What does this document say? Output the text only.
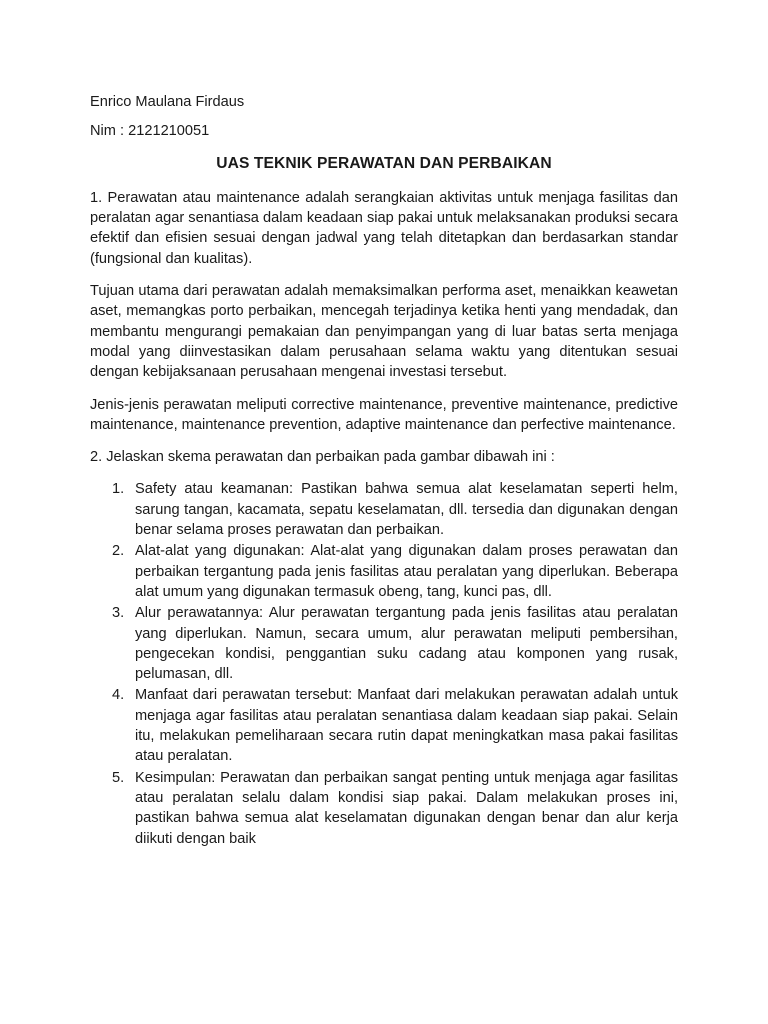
Enrico Maulana Firdaus

Nim : 2121210051

UAS TEKNIK PERAWATAN DAN PERBAIKAN

1. Perawatan atau maintenance adalah serangkaian aktivitas untuk menjaga fasilitas dan peralatan agar senantiasa dalam keadaan siap pakai untuk melaksanakan produksi secara efektif dan efisien sesuai dengan jadwal yang telah ditetapkan dan berdasarkan standar (fungsional dan kualitas).

Tujuan utama dari perawatan adalah memaksimalkan performa aset, menaikkan keawetan aset, memangkas porto perbaikan, mencegah terjadinya ketika henti yang mendadak, dan membantu mengurangi pemakaian dan penyimpangan yang di luar batas serta menjaga modal yang diinvestasikan dalam perusahaan selama waktu yang ditentukan sesuai dengan kebijaksanaan perusahaan mengenai investasi tersebut.

Jenis-jenis perawatan meliputi corrective maintenance, preventive maintenance, predictive maintenance, maintenance prevention, adaptive maintenance dan perfective maintenance.

2. Jelaskan skema perawatan dan perbaikan pada gambar dibawah ini :

1. Safety atau keamanan: Pastikan bahwa semua alat keselamatan seperti helm, sarung tangan, kacamata, sepatu keselamatan, dll. tersedia dan digunakan dengan benar selama proses perawatan dan perbaikan.
2. Alat-alat yang digunakan: Alat-alat yang digunakan dalam proses perawatan dan perbaikan tergantung pada jenis fasilitas atau peralatan yang diperlukan. Beberapa alat umum yang digunakan termasuk obeng, tang, kunci pas, dll.
3. Alur perawatannya: Alur perawatan tergantung pada jenis fasilitas atau peralatan yang diperlukan. Namun, secara umum, alur perawatan meliputi pembersihan, pengecekan kondisi, penggantian suku cadang atau komponen yang rusak, pelumasan, dll.
4. Manfaat dari perawatan tersebut: Manfaat dari melakukan perawatan adalah untuk menjaga agar fasilitas atau peralatan senantiasa dalam keadaan siap pakai. Selain itu, melakukan pemeliharaan secara rutin dapat meningkatkan masa pakai fasilitas atau peralatan.
5. Kesimpulan: Perawatan dan perbaikan sangat penting untuk menjaga agar fasilitas atau peralatan selalu dalam kondisi siap pakai. Dalam melakukan proses ini, pastikan bahwa semua alat keselamatan digunakan dengan benar dan alur kerja diikuti dengan baik
